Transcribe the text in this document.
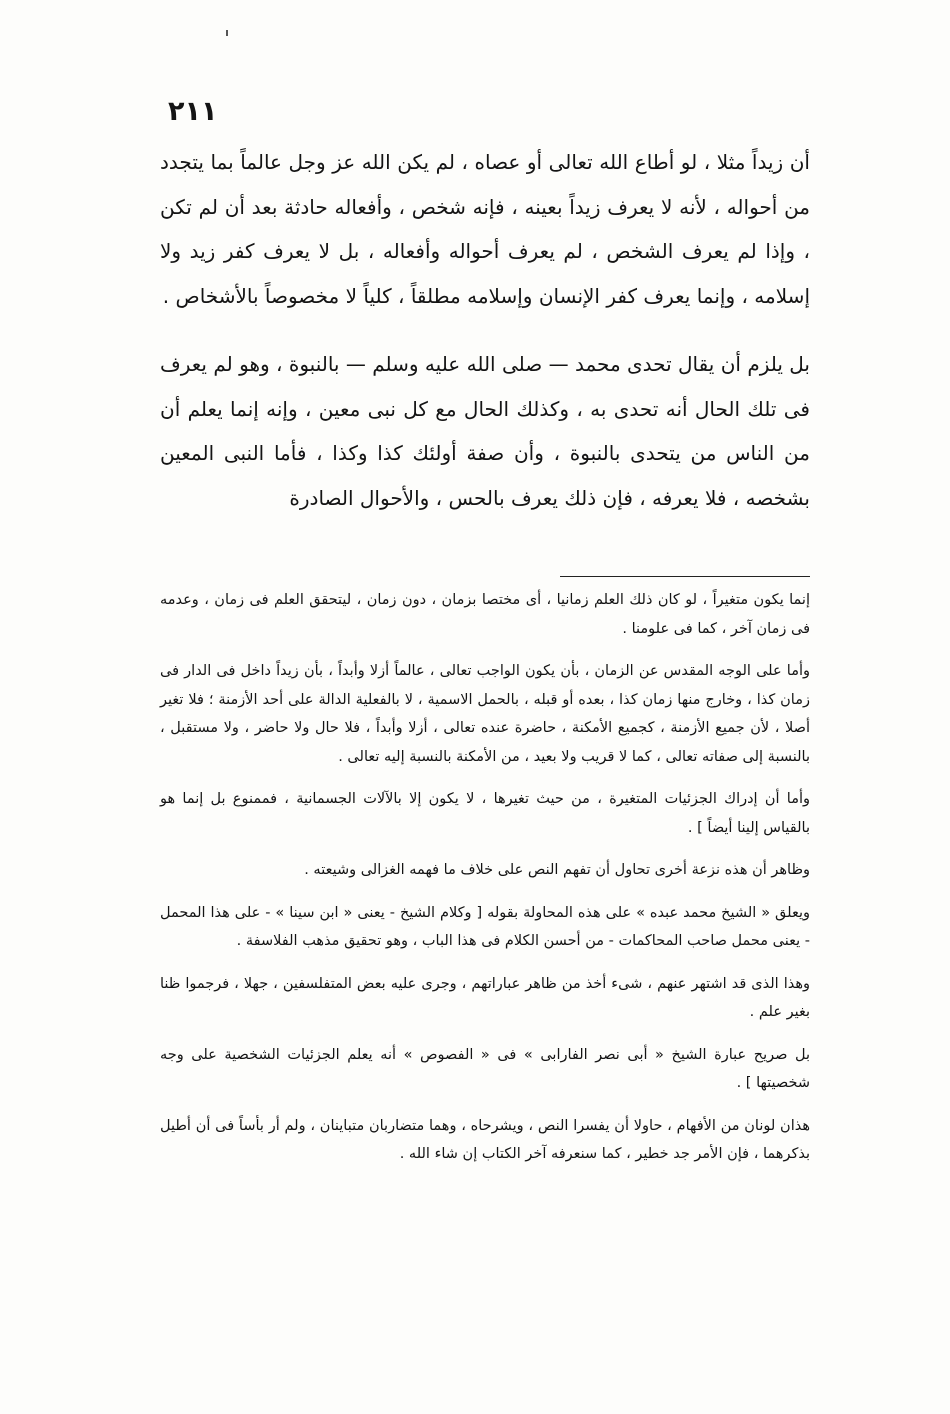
٢١١

أن زيداً مثلا ، لو أطاع الله تعالى أو عصاه ، لم يكن الله عز وجل عالماً بما يتجدد من أحواله ، لأنه لا يعرف زيداً بعينه ، فإنه شخص ، وأفعاله حادثة بعد أن لم تكن ، وإذا لم يعرف الشخص ، لم يعرف أحواله وأفعاله ، بل لا يعرف كفر زيد ولا إسلامه ، وإنما يعرف كفر الإنسان وإسلامه مطلقاً ، كلياً لا مخصوصاً بالأشخاص .

بل يلزم أن يقال تحدى محمد — صلى الله عليه وسلم — بالنبوة ، وهو لم يعرف فى تلك الحال أنه تحدى به ، وكذلك الحال مع كل نبى معين ، وإنه إنما يعلم أن من الناس من يتحدى بالنبوة ، وأن صفة أولئك كذا وكذا ، فأما النبى المعين بشخصه ، فلا يعرفه ، فإن ذلك يعرف بالحس ، والأحوال الصادرة

إنما يكون متغيراً ، لو كان ذلك العلم زمانيا ، أى مختصا بزمان ، دون زمان ، ليتحقق العلم فى زمان ، وعدمه فى زمان آخر ، كما فى علومنا .

وأما على الوجه المقدس عن الزمان ، بأن يكون الواجب تعالى ، عالماً أزلا وأبداً ، بأن زيداً داخل فى الدار فى زمان كذا ، وخارج منها زمان كذا ، بعده أو قبله ، بالحمل الاسمية ، لا بالفعلية الدالة على أحد الأزمنة ؛ فلا تغير أصلا ، لأن جميع الأزمنة ، كجميع الأمكنة ، حاضرة عنده تعالى ، أزلا وأبداً ، فلا حال ولا حاضر ، ولا مستقبل ، بالنسبة إلى صفاته تعالى ، كما لا قريب ولا بعيد ، من الأمكنة بالنسبة إليه تعالى .

وأما أن إدراك الجزئيات المتغيرة ، من حيث تغيرها ، لا يكون إلا بالآلات الجسمانية ، فممنوع بل إنما هو بالقياس إلينا أيضاً ] .

وظاهر أن هذه نزعة أخرى تحاول أن تفهم النص على خلاف ما فهمه الغزالى وشيعته .

ويعلق « الشيخ محمد عبده » على هذه المحاولة بقوله [ وكلام الشيخ - يعنى « ابن سينا » - على هذا المحمل - يعنى محمل صاحب المحاكمات - من أحسن الكلام فى هذا الباب ، وهو تحقيق مذهب الفلاسفة .

وهذا الذى قد اشتهر عنهم ، شىء أخذ من ظاهر عباراتهم ، وجرى عليه بعض المتفلسفين ، جهلا ، فرجموا ظنا بغير علم .

بل صريح عبارة الشيخ « أبى نصر الفارابى » فى « الفصوص » أنه يعلم الجزئيات الشخصية على وجه شخصيتها ] .

هذان لونان من الأفهام ، حاولا أن يفسرا النص ، ويشرحاه ، وهما متضاربان متباينان ، ولم أر بأساً فى أن أطيل بذكرهما ، فإن الأمر جد خطير ، كما سنعرفه آخر الكتاب إن شاء الله .
